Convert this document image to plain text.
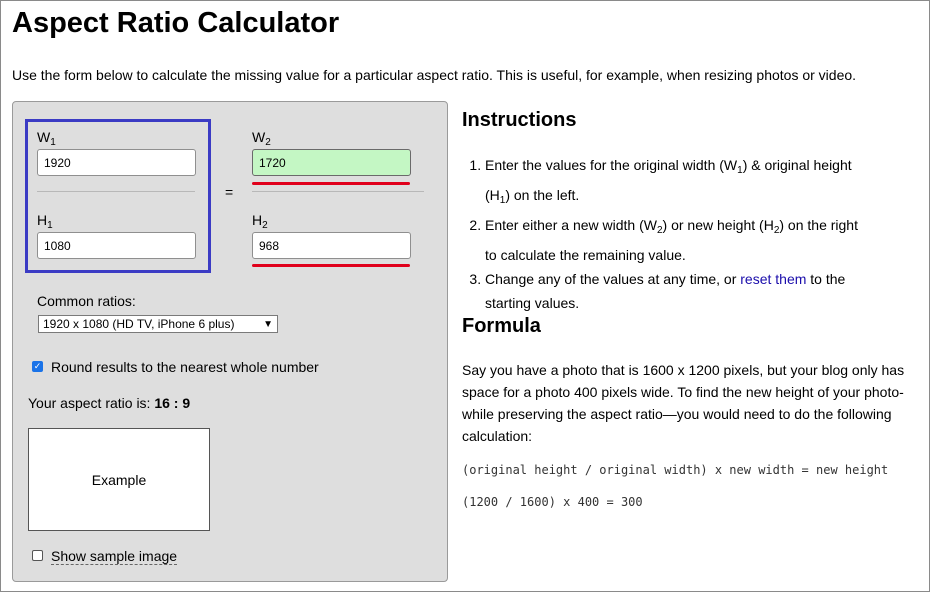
Aspect Ratio Calculator

Use the form below to calculate the missing value for a particular aspect ratio. This is useful, for example, when resizing photos or video.

$W_1$
1920
$H_1$
1080
=
$W_2$
1720
$H_2$
968
Common ratios:
1920 x 1080 (HD TV, iPhone 6 plus)	▼
✓ Round results to the nearest whole number
Your aspect ratio is: 16 : 9
Example
Show sample image
Instructions
1. Enter the values for the original width $(W_1)$ & original height
$(H_1)$ on the left.
2. Enter either a new width $(W_2)$ or new height $(H_2)$ on the right
to calculate the remaining value.
3. Change any of the values at any time, or reset them to the
starting values.
Formula

Say you have a photo that is 1600 x 1200 pixels, but your blog only has space for a photo 400 pixels wide. To find the new height of your photo-while preserving the aspect ratio—you would need to do the following calculation:

(original height / original width) x new width = new height
(1200 / 1600) x 400 = 300
